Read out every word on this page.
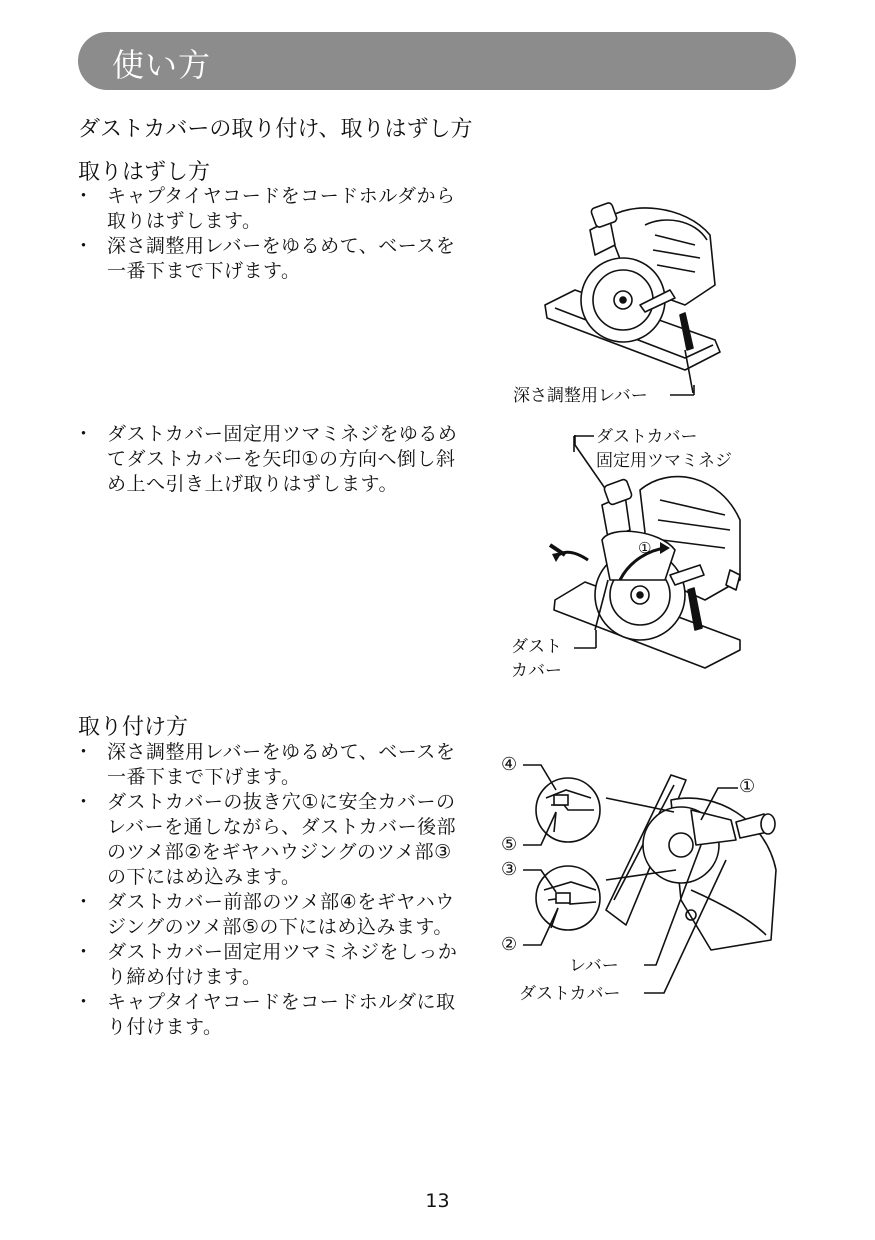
使い方
ダストカバーの取り付け、取りはずし方
取りはずし方
・ キャプタイヤコードをコードホルダから取りはずします。
・ 深さ調整用レバーをゆるめて、ベースを一番下まで下げます。
・ ダストカバー固定用ツマミネジをゆるめてダストカバーを矢印①の方向へ倒し斜め上へ引き上げ取りはずします。
深さ調整用レバー
①
ダストカバー
固定用ツマミネジ
ダスト
カバー
取り付け方
・ 深さ調整用レバーをゆるめて、ベースを一番下まで下げます。
・ ダストカバーの抜き穴①に安全カバーのレバーを通しながら、ダストカバー後部のツメ部②をギヤハウジングのツメ部③の下にはめ込みます。
・ ダストカバー前部のツメ部④をギヤハウジングのツメ部⑤の下にはめ込みます。
・ ダストカバー固定用ツマミネジをしっかり締め付けます。
・ キャプタイヤコードをコードホルダに取り付けます。
④
⑤
③
②
①
レバー
ダストカバー
13
